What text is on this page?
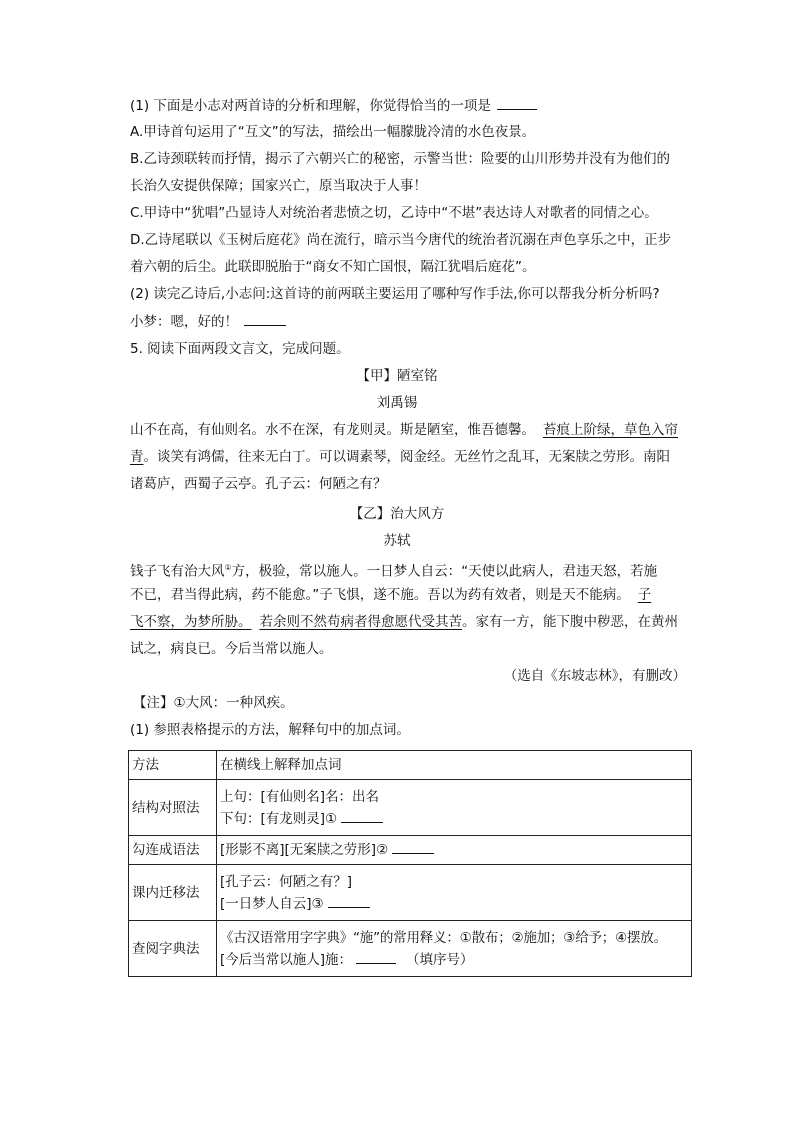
(1) 下面是小志对两首诗的分析和理解，你觉得恰当的一项是
A.甲诗首句运用了“互文”的写法，描绘出一幅朦胧冷清的水色夜景。
B.乙诗颈联转而抒情，揭示了六朝兴亡的秘密，示警当世：险要的山川形势并没有为他们的
长治久安提供保障；国家兴亡，原当取决于人事！
C.甲诗中“犹唱”凸显诗人对统治者悲愤之切，乙诗中“不堪”表达诗人对歌者的同情之心。
D.乙诗尾联以《玉树后庭花》尚在流行，暗示当今唐代的统治者沉溺在声色享乐之中，正步
着六朝的后尘。此联即脱胎于“商女不知亡国恨，隔江犹唱后庭花”。
(2) 读完乙诗后,小志问:这首诗的前两联主要运用了哪种写作手法,你可以帮我分析分析吗?
小梦：嗯，好的！
5. 阅读下面两段文言文，完成问题。
【甲】陋室铭
刘禹锡
山不在高，有仙则名。水不在深，有龙则灵。斯是陋室，惟吾德馨。 苔痕上阶绿，草色入帘
青。谈笑有鸿儒，往来无白丁。可以调素琴，阅金经。无丝竹之乱耳，无案牍之劳形。南阳
诸葛庐，西蜀子云亭。孔子云：何陋之有？
【乙】治大风方
苏轼
钱子飞有治大风①方，极验，常以施人。一日梦人自云：“天使以此病人，君违天怒，若施
不已，君当得此病，药不能愈。”子飞惧，遂不施。吾以为药有效者，则是天不能病。 子
飞不察，为梦所胁。 若余则不然苟病者得愈愿代受其苦。家有一方，能下腹中秽恶，在黄州
试之，病良已。今后当常以施人。
（选自《东坡志林》，有删改）
【注】①大风：一种风疾。
(1) 参照表格提示的方法，解释句中的加点词。
方法	在横线上解释加点词
结构对照法	上句：[有仙则名]名：出名
下句：[有龙则灵]①

勾连成语法	[形影不离][无案牍之劳形]②
课内迁移法	[孔子云：何陋之有？]
[一日梦人自云]③

查阅字典法	《古汉语常用字字典》“施”的常用释义：①散布；②施加；③给予；④摆放。
[今后当常以施人]施： （填序号）
